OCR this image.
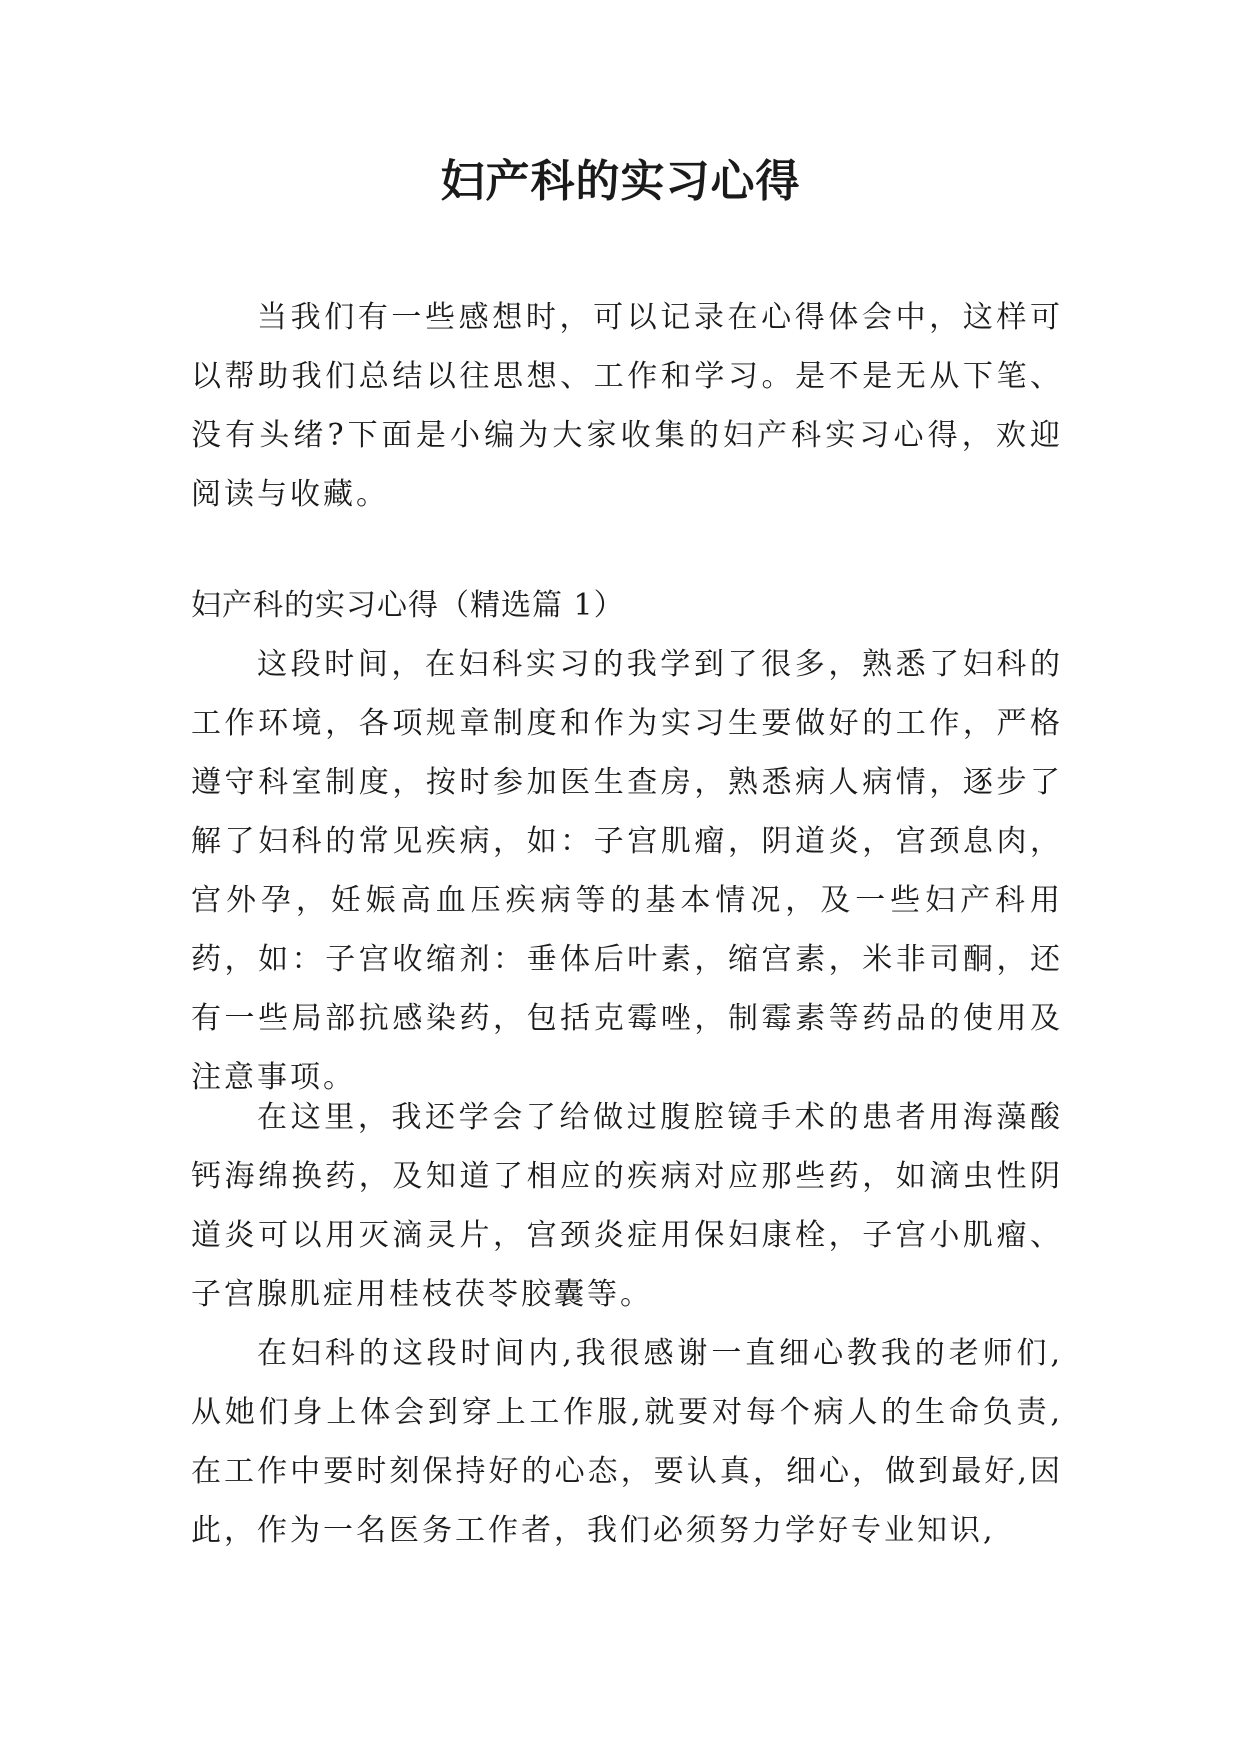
妇产科的实习心得

当我们有一些感想时，可以记录在心得体会中，这样可以帮助我们总结以往思想、工作和学习。是不是无从下笔、没有头绪?下面是小编为大家收集的妇产科实习心得，欢迎阅读与收藏。

妇产科的实习心得（精选篇 1）

这段时间，在妇科实习的我学到了很多，熟悉了妇科的工作环境，各项规章制度和作为实习生要做好的工作，严格遵守科室制度，按时参加医生查房，熟悉病人病情，逐步了解了妇科的常见疾病，如：子宫肌瘤，阴道炎，宫颈息肉，宫外孕，妊娠高血压疾病等的基本情况，及一些妇产科用药，如：子宫收缩剂：垂体后叶素，缩宫素，米非司酮，还有一些局部抗感染药，包括克霉唑，制霉素等药品的使用及注意事项。

在这里，我还学会了给做过腹腔镜手术的患者用海藻酸钙海绵换药，及知道了相应的疾病对应那些药，如滴虫性阴道炎可以用灭滴灵片，宫颈炎症用保妇康栓，子宫小肌瘤、子宫腺肌症用桂枝茯苓胶囊等。

在妇科的这段时间内,我很感谢一直细心教我的老师们,从她们身上体会到穿上工作服,就要对每个病人的生命负责,在工作中要时刻保持好的心态，要认真，细心，做到最好,因此，作为一名医务工作者，我们必须努力学好专业知识,
